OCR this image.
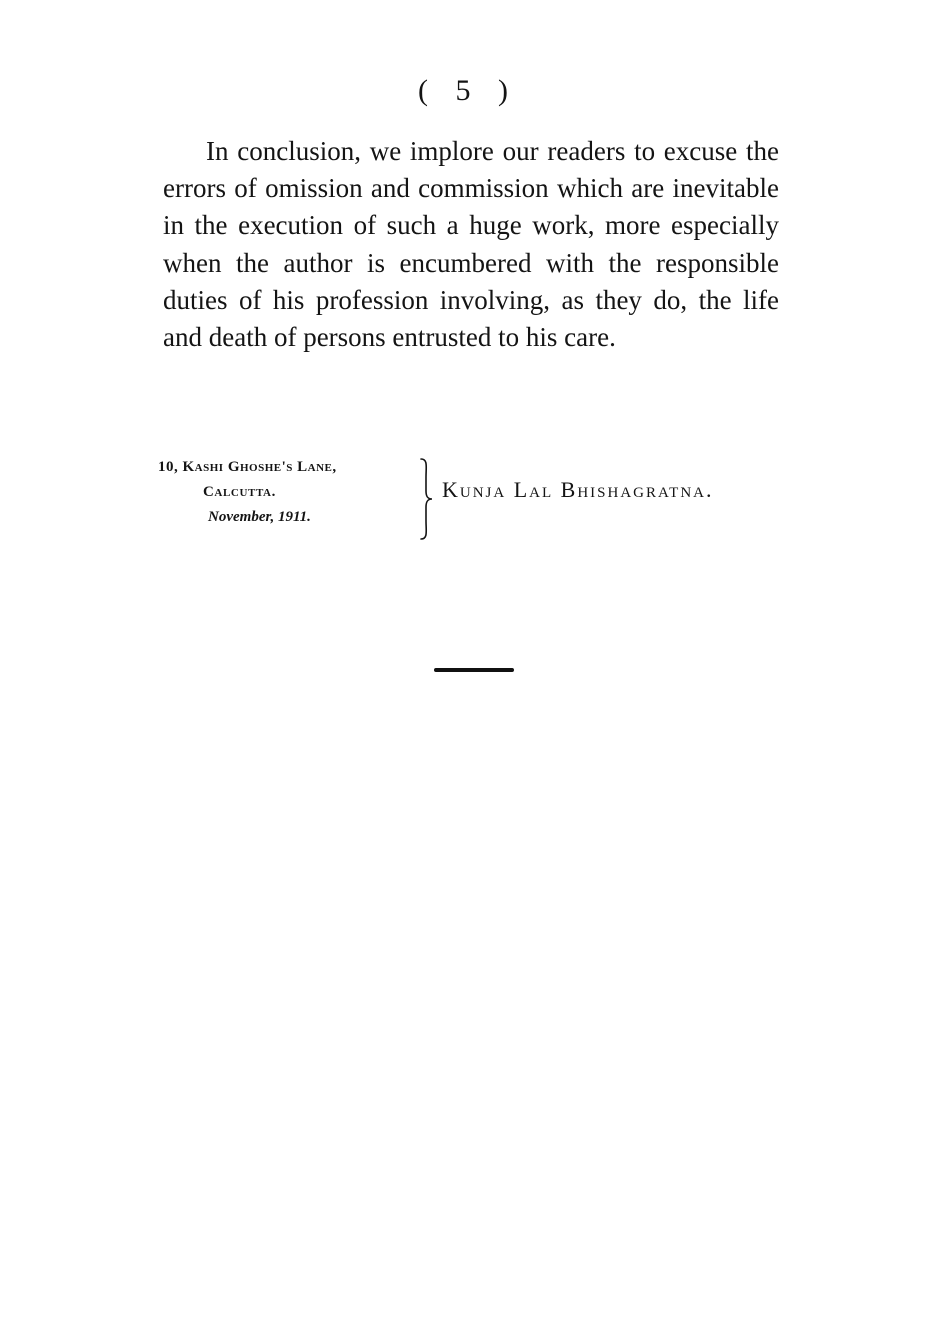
( 5 )

In conclusion, we implore our readers to excuse the errors of omission and commission which are inevitable in the execution of such a huge work, more especially when the author is encumbered with the responsible duties of his profession involving, as they do, the life and death of persons entrusted to his care.

10, Kashi Ghoshe's Lane,
Calcutta.
November, 1911.
Kunja Lal Bhishagratna.
